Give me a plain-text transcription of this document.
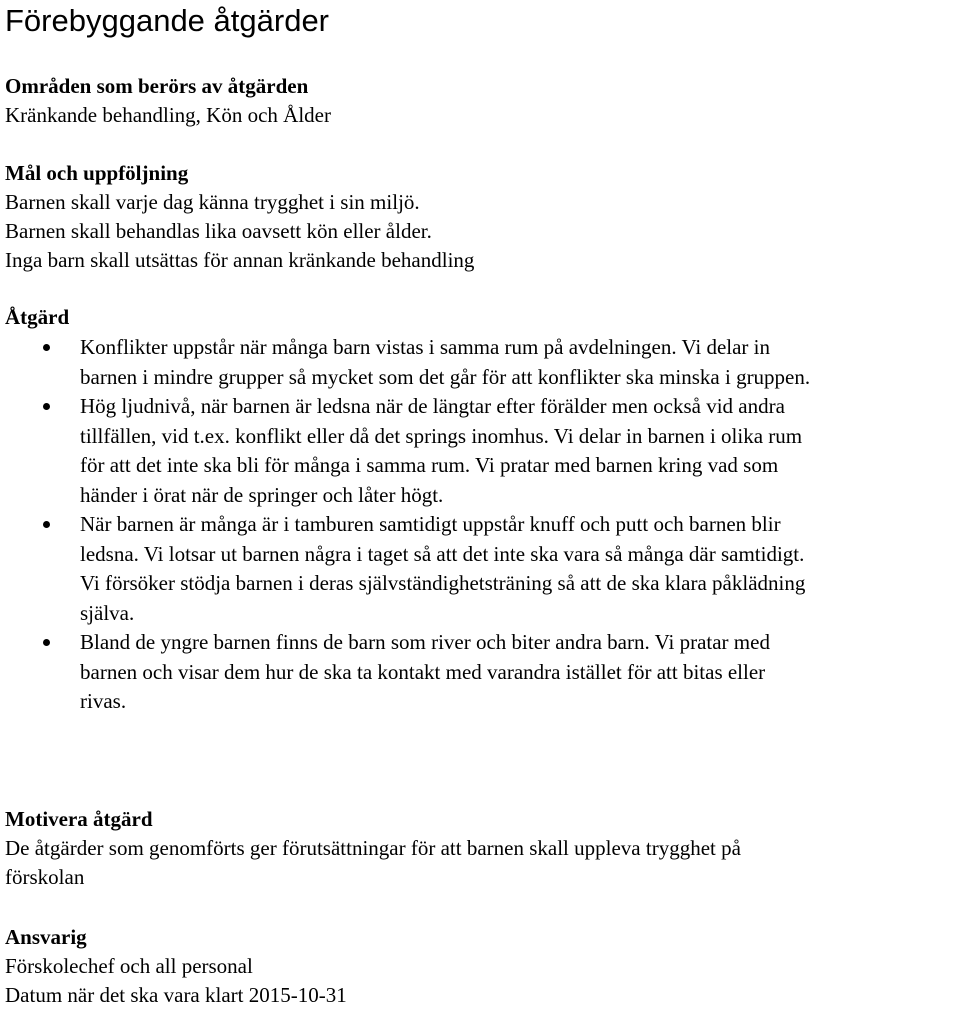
Förebyggande åtgärder
Områden som berörs av åtgärden
Kränkande behandling, Kön och Ålder
Mål och uppföljning
Barnen skall varje dag känna trygghet i sin miljö.
Barnen skall behandlas lika oavsett kön eller ålder.
Inga barn skall utsättas för annan kränkande behandling
Åtgärd
Konflikter uppstår när många barn vistas i samma rum på avdelningen. Vi delar in
barnen i mindre grupper så mycket som det går för att konflikter ska minska i gruppen.
Hög ljudnivå, när barnen är ledsna när de längtar efter förälder men också vid andra
tillfällen, vid t.ex. konflikt eller då det springs inomhus. Vi delar in barnen i olika rum
för att det inte ska bli för många i samma rum. Vi pratar med barnen kring vad som
händer i örat när de springer och låter högt.
När barnen är många är i tamburen samtidigt uppstår knuff och putt och barnen blir
ledsna. Vi lotsar ut barnen några i taget så att det inte ska vara så många där samtidigt.
Vi försöker stödja barnen i deras självständighetsträning så att de ska klara påklädning
själva.
Bland de yngre barnen finns de barn som river och biter andra barn. Vi pratar med
barnen och visar dem hur de ska ta kontakt med varandra istället för att bitas eller
rivas.
Motivera åtgärd
De åtgärder som genomförts ger förutsättningar för att barnen skall uppleva trygghet på
förskolan
Ansvarig
Förskolechef och all personal
Datum när det ska vara klart 2015-10-31
